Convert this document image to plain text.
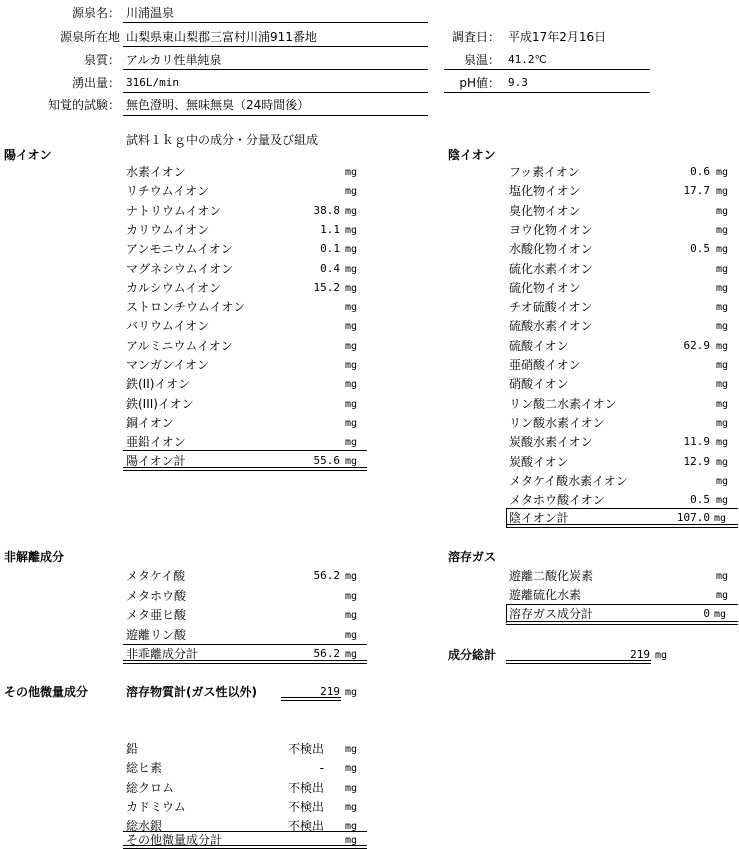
源泉名： 川浦温泉
源泉所在地 山梨県東山梨郡三富村川浦911番地
泉質： アルカリ性単純泉
湧出量： 316L/min
知覚的試験： 無色澄明、無味無臭（24時間後）
調査日： 平成17年2月16日
泉温： 41.2℃
pH値： 9.3
試料１ｋｇ中の成分・分量及び組成
陽イオン	陰イオン
水素イオン	mg
リチウムイオン	mg
ナトリウムイオン	38.8 mg
カリウムイオン	1.1 mg
アンモニウムイオン	0.1 mg
マグネシウムイオン	0.4 mg
カルシウムイオン	15.2 mg
ストロンチウムイオン	mg
バリウムイオン	mg
アルミニウムイオン	mg
マンガンイオン	mg
鉄(II)イオン	mg
鉄(III)イオン	mg
銅イオン	mg
亜鉛イオン	mg
陽イオン計	55.6 mg
フッ素イオン	0.6 mg
塩化物イオン	17.7 mg
臭化物イオン	mg
ヨウ化物イオン	mg
水酸化物イオン	0.5 mg
硫化水素イオン	mg
硫化物イオン	mg
チオ硫酸イオン	mg
硫酸水素イオン	mg
硫酸イオン	62.9 mg
亜硝酸イオン	mg
硝酸イオン	mg
リン酸二水素イオン	mg
リン酸水素イオン	mg
炭酸水素イオン	11.9 mg
炭酸イオン	12.9 mg
メタケイ酸水素イオン	mg
メタホウ酸イオン	0.5 mg
陰イオン計	107.0 mg
非解離成分
メタケイ酸	56.2 mg
メタホウ酸	mg
メタ亜ヒ酸	mg
遊離リン酸	mg
非乖離成分計	56.2 mg
溶存ガス
遊離二酸化炭素	mg
遊離硫化水素	mg
溶存ガス成分計	0 mg
成分総計	219 mg
その他微量成分	溶存物質計(ガス性以外)	219 mg
鉛	不検出 mg
総ヒ素	- mg
総クロム	不検出 mg
カドミウム	不検出 mg
総水銀	不検出 mg
その他微量成分計	mg
